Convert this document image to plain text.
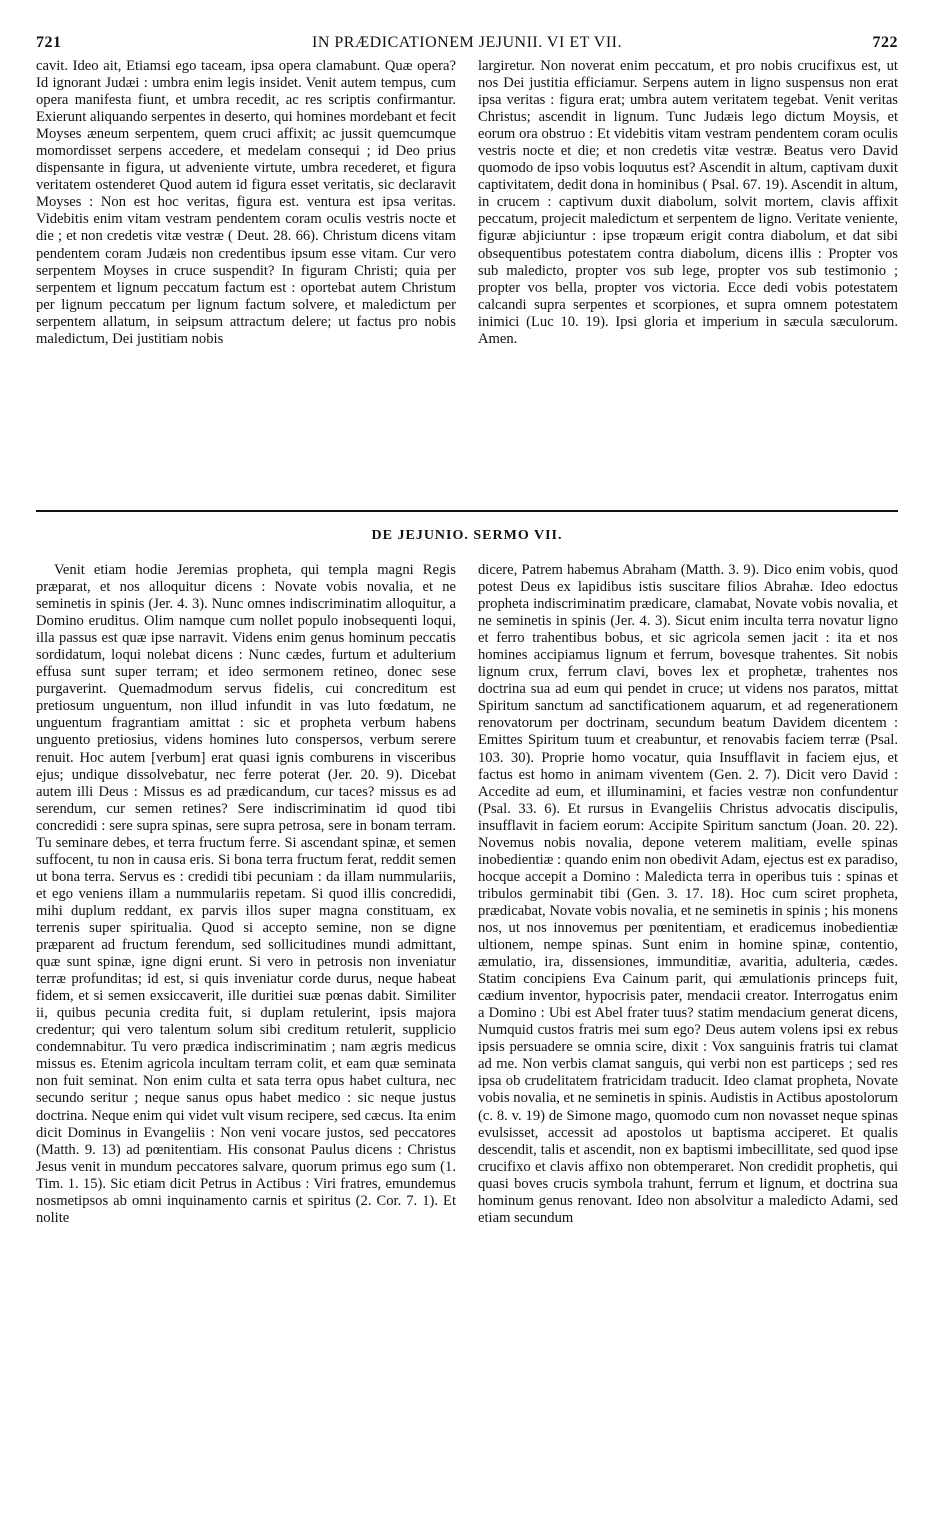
721	IN PRÆDICATIONEM JEJUNII. VI ET VII.	722

cavit. Ideo ait, Etiamsi ego taceam, ipsa opera clamabunt. Quæ opera? Id ignorant Judæi : umbra enim legis insidet. Venit autem tempus, cum opera manifesta fiunt, et umbra recedit, ac res scriptis confirmantur. Exierunt aliquando serpentes in deserto, qui homines mordebant et fecit Moyses æneum serpentem, quem cruci affixit; ac jussit quemcumque momordisset serpens accedere, et medelam consequi ; id Deo prius dispensante in figura, ut adveniente virtute, umbra recederet, et figura veritatem ostenderet Quod autem id figura esset veritatis, sic declaravit Moyses : Non est hoc veritas, figura est. ventura est ipsa veritas. Videbitis enim vitam vestram pendentem coram oculis vestris nocte et die ; et non credetis vitæ vestræ ( Deut. 28. 66). Christum dicens vitam pendentem coram Judæis non credentibus ipsum esse vitam. Cur vero serpentem Moyses in cruce suspendit? In figuram Christi; quia per serpentem et lignum peccatum factum est : oportebat autem Christum per lignum peccatum per lignum factum solvere, et maledictum per serpentem allatum, in seipsum attractum delere; ut factus pro nobis maledictum, Dei justitiam nobis

largiretur. Non noverat enim peccatum, et pro nobis crucifixus est, ut nos Dei justitia efficiamur. Serpens autem in ligno suspensus non erat ipsa veritas : figura erat; umbra autem veritatem tegebat. Venit veritas Christus; ascendit in lignum. Tunc Judæis lego dictum Moysis, et eorum ora obstruo : Et videbitis vitam vestram pendentem coram oculis vestris nocte et die; et non credetis vitæ vestræ. Beatus vero David quomodo de ipso vobis loquutus est? Ascendit in altum, captivam duxit captivitatem, dedit dona in hominibus ( Psal. 67. 19). Ascendit in altum, in crucem : captivum duxit diabolum, solvit mortem, clavis affixit peccatum, projecit maledictum et serpentem de ligno. Veritate veniente, figuræ abjiciuntur : ipse tropæum erigit contra diabolum, et dat sibi obsequentibus potestatem contra diabolum, dicens illis : Propter vos sub maledicto, propter vos sub lege, propter vos sub testimonio ; propter vos bella, propter vos victoria. Ecce dedi vobis potestatem calcandi supra serpentes et scorpiones, et supra omnem potestatem inimici (Luc 10. 19). Ipsi gloria et imperium in sæcula sæculorum. Amen.

DE JEJUNIO. SERMO VII.

Venit etiam hodie Jeremias propheta, qui templa magni Regis præparat, et nos alloquitur dicens : Novate vobis novalia, et ne seminetis in spinis (Jer. 4. 3). Nunc omnes indiscriminatim alloquitur, a Domino eruditus. Olim namque cum nollet populo inobsequenti loqui, illa passus est quæ ipse narravit. Videns enim genus hominum peccatis sordidatum, loqui nolebat dicens : Nunc cædes, furtum et adulterium effusa sunt super terram; et ideo sermonem retineo, donec sese purgaverint. Quemadmodum servus fidelis, cui concreditum est pretiosum unguentum, non illud infundit in vas luto fœdatum, ne unguentum fragrantiam amittat : sic et propheta verbum habens unguento pretiosius, videns homines luto conspersos, verbum serere renuit. Hoc autem [verbum] erat quasi ignis comburens in visceribus ejus; undique dissolvebatur, nec ferre poterat (Jer. 20. 9). Dicebat autem illi Deus : Missus es ad prædicandum, cur taces? missus es ad serendum, cur semen retines? Sere indiscriminatim id quod tibi concredidi : sere supra spinas, sere supra petrosa, sere in bonam terram. Tu seminare debes, et terra fructum ferre. Si ascendant spinæ, et semen suffocent, tu non in causa eris. Si bona terra fructum ferat, reddit semen ut bona terra. Servus es : credidi tibi pecuniam : da illam nummulariis, et ego veniens illam a nummulariis repetam. Si quod illis concredidi, mihi duplum reddant, ex parvis illos super magna constituam, ex terrenis super spiritualia. Quod si accepto semine, non se digne præparent ad fructum ferendum, sed sollicitudines mundi admittant, quæ sunt spinæ, igne digni erunt. Si vero in petrosis non inveniatur terræ profunditas; id est, si quis inveniatur corde durus, neque habeat fidem, et si semen exsiccaverit, ille duritiei suæ pœnas dabit. Similiter ii, quibus pecunia credita fuit, si duplam retulerint, ipsis majora credentur; qui vero talentum solum sibi creditum retulerit, supplicio condemnabitur. Tu vero prædica indiscriminatim ; nam ægris medicus missus es. Etenim agricola incultam terram colit, et eam quæ seminata non fuit seminat. Non enim culta et sata terra opus habet cultura, nec secundo seritur ; neque sanus opus habet medico : sic neque justus doctrina. Neque enim qui videt vult visum recipere, sed cæcus. Ita enim dicit Dominus in Evangeliis : Non veni vocare justos, sed peccatores (Matth. 9. 13) ad pœnitentiam. His consonat Paulus dicens : Christus Jesus venit in mundum peccatores salvare, quorum primus ego sum (1. Tim. 1. 15). Sic etiam dicit Petrus in Actibus : Viri fratres, emundemus nosmetipsos ab omni inquinamento carnis et spiritus (2. Cor. 7. 1). Et nolite

dicere, Patrem habemus Abraham (Matth. 3. 9). Dico enim vobis, quod potest Deus ex lapidibus istis suscitare filios Abrahæ. Ideo edoctus propheta indiscriminatim prædicare, clamabat, Novate vobis novalia, et ne seminetis in spinis (Jer. 4. 3). Sicut enim inculta terra novatur ligno et ferro trahentibus bobus, et sic agricola semen jacit : ita et nos homines accipiamus lignum et ferrum, bovesque trahentes. Sit nobis lignum crux, ferrum clavi, boves lex et prophetæ, trahentes nos doctrina sua ad eum qui pendet in cruce; ut videns nos paratos, mittat Spiritum sanctum ad sanctificationem aquarum, et ad regenerationem renovatorum per doctrinam, secundum beatum Davidem dicentem : Emittes Spiritum tuum et creabuntur, et renovabis faciem terræ (Psal. 103. 30). Proprie homo vocatur, quia Insufflavit in faciem ejus, et factus est homo in animam viventem (Gen. 2. 7). Dicit vero David : Accedite ad eum, et illuminamini, et facies vestræ non confundentur (Psal. 33. 6). Et rursus in Evangeliis Christus advocatis discipulis, insufflavit in faciem eorum: Accipite Spiritum sanctum (Joan. 20. 22). Novemus nobis novalia, depone veterem malitiam, evelle spinas inobedientiæ : quando enim non obedivit Adam, ejectus est ex paradiso, hocque accepit a Domino : Maledicta terra in operibus tuis : spinas et tribulos germinabit tibi (Gen. 3. 17. 18). Hoc cum sciret propheta, prædicabat, Novate vobis novalia, et ne seminetis in spinis ; his monens nos, ut nos innovemus per pœnitentiam, et eradicemus inobedientiæ ultionem, nempe spinas. Sunt enim in homine spinæ, contentio, æmulatio, ira, dissensiones, immunditiæ, avaritia, adulteria, cædes. Statim concipiens Eva Cainum parit, qui æmulationis princeps fuit, cædium inventor, hypocrisis pater, mendacii creator. Interrogatus enim a Domino : Ubi est Abel frater tuus? statim mendacium generat dicens, Numquid custos fratris mei sum ego? Deus autem volens ipsi ex rebus ipsis persuadere se omnia scire, dixit : Vox sanguinis fratris tui clamat ad me. Non verbis clamat sanguis, qui verbi non est particeps ; sed res ipsa ob crudelitatem fratricidam traducit. Ideo clamat propheta, Novate vobis novalia, et ne seminetis in spinis. Audistis in Actibus apostolorum (c. 8. v. 19) de Simone mago, quomodo cum non novasset neque spinas evulsisset, accessit ad apostolos ut baptisma acciperet. Et qualis descendit, talis et ascendit, non ex baptismi imbecillitate, sed quod ipse crucifixo et clavis affixo non obtemperaret. Non credidit prophetis, qui quasi boves crucis symbola trahunt, ferrum et lignum, et doctrina sua hominum genus renovant. Ideo non absolvitur a maledicto Adami, sed etiam secundum
